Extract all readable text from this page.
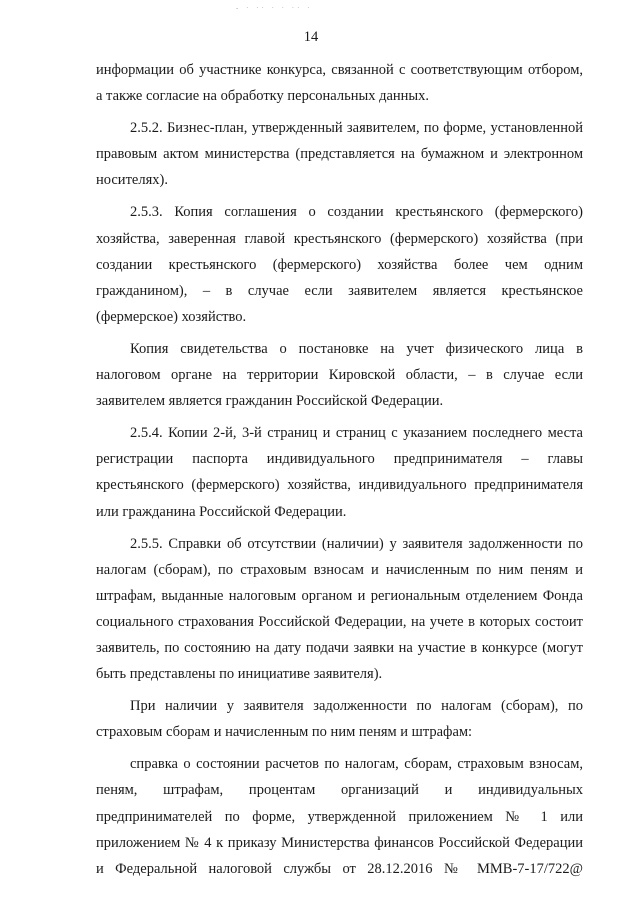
- · ·· · · ·· ·
14

информации об участнике конкурса, связанной с соответствующим отбором,
а также согласие на обработку персональных данных.

2.5.2. Бизнес-план, утвержденный заявителем, по форме, установленной
правовым актом министерства (представляется на бумажном и электронном
носителях).

2.5.3. Копия соглашения о создании крестьянского (фермерского)
хозяйства, заверенная главой крестьянского (фермерского) хозяйства (при
создании крестьянского (фермерского) хозяйства более чем одним
гражданином), – в случае если заявителем является крестьянское
(фермерское) хозяйство.

Копия свидетельства о постановке на учет физического лица в
налоговом органе на территории Кировской области, – в случае если
заявителем является гражданин Российской Федерации.

2.5.4. Копии 2-й, 3-й страниц и страниц с указанием последнего места
регистрации паспорта индивидуального предпринимателя – главы
крестьянского (фермерского) хозяйства, индивидуального предпринимателя
или гражданина Российской Федерации.

2.5.5. Справки об отсутствии (наличии) у заявителя задолженности по
налогам (сборам), по страховым взносам и начисленным по ним пеням и
штрафам, выданные налоговым органом и региональным отделением Фонда
социального страхования Российской Федерации, на учете в которых состоит
заявитель, по состоянию на дату подачи заявки на участие в конкурсе (могут
быть представлены по инициативе заявителя).

При наличии у заявителя задолженности по налогам (сборам), по
страховым сборам и начисленным по ним пеням и штрафам:

справка о состоянии расчетов по налогам, сборам, страховым взносам,
пеням, штрафам, процентам организаций и индивидуальных
предпринимателей по форме, утвержденной приложением № 1 или
приложением № 4 к приказу Министерства финансов Российской Федерации
и Федеральной налоговой службы от 28.12.2016 № ММВ-7-17/722@
